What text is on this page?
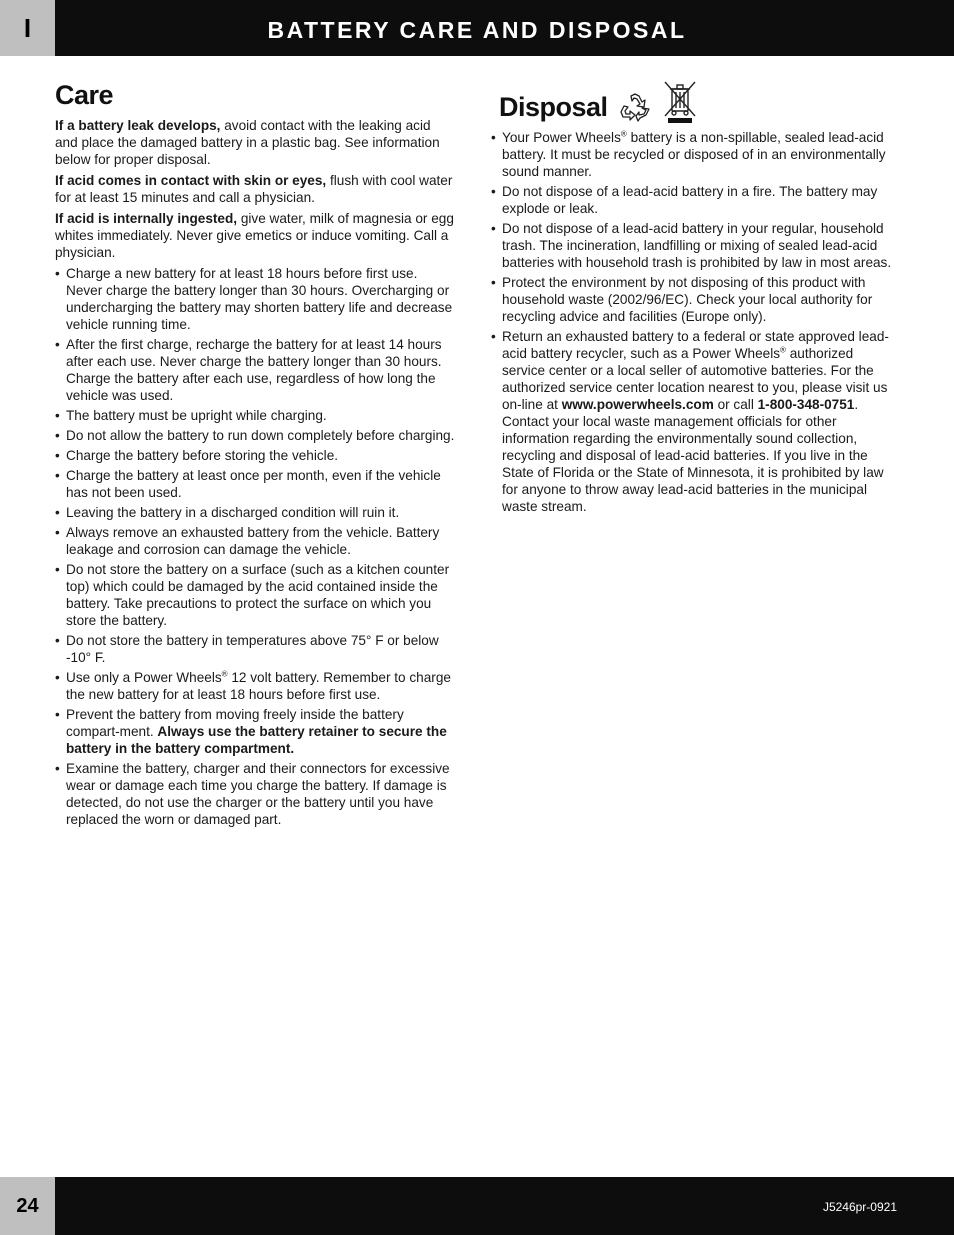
I	BATTERY CARE AND DISPOSAL
Care

If a battery leak develops, avoid contact with the leaking acid and place the damaged battery in a plastic bag. See information below for proper disposal.

If acid comes in contact with skin or eyes, flush with cool water for at least 15 minutes and call a physician.

If acid is internally ingested, give water, milk of magnesia or egg whites immediately. Never give emetics or induce vomiting. Call a physician.

• Charge a new battery for at least 18 hours before first use. Never charge the battery longer than 30 hours. Overcharging or undercharging the battery may shorten battery life and decrease vehicle running time.
• After the first charge, recharge the battery for at least 14 hours after each use. Never charge the battery longer than 30 hours. Charge the battery after each use, regardless of how long the vehicle was used.
• The battery must be upright while charging.
• Do not allow the battery to run down completely before charging.
• Charge the battery before storing the vehicle.
• Charge the battery at least once per month, even if the vehicle has not been used.
• Leaving the battery in a discharged condition will ruin it.
• Always remove an exhausted battery from the vehicle. Battery leakage and corrosion can damage the vehicle.
• Do not store the battery on a surface (such as a kitchen counter top) which could be damaged by the acid contained inside the battery. Take precautions to protect the surface on which you store the battery.
• Do not store the battery in temperatures above 75° F or below -10° F.
• Use only a Power Wheels® 12 volt battery. Remember to charge the new battery for at least 18 hours before first use.
• Prevent the battery from moving freely inside the battery compart-ment. Always use the battery retainer to secure the battery in the battery compartment.
• Examine the battery, charger and their connectors for excessive wear or damage each time you charge the battery. If damage is detected, do not use the charger or the battery until you have replaced the worn or damaged part.
Disposal
• Your Power Wheels® battery is a non-spillable, sealed lead-acid battery. It must be recycled or disposed of in an environmentally sound manner.
• Do not dispose of a lead-acid battery in a fire. The battery may explode or leak.
• Do not dispose of a lead-acid battery in your regular, household trash. The incineration, landfilling or mixing of sealed lead-acid batteries with household trash is prohibited by law in most areas.
• Protect the environment by not disposing of this product with household waste (2002/96/EC). Check your local authority for recycling advice and facilities (Europe only).
• Return an exhausted battery to a federal or state approved lead-acid battery recycler, such as a Power Wheels® authorized service center or a local seller of automotive batteries. For the authorized service center location nearest to you, please visit us on-line at www.powerwheels.com or call 1-800-348-0751. Contact your local waste management officials for other information regarding the environmentally sound collection, recycling and disposal of lead-acid batteries. If you live in the State of Florida or the State of Minnesota, it is prohibited by law for anyone to throw away lead-acid batteries in the municipal waste stream.
24	J5246pr-0921
